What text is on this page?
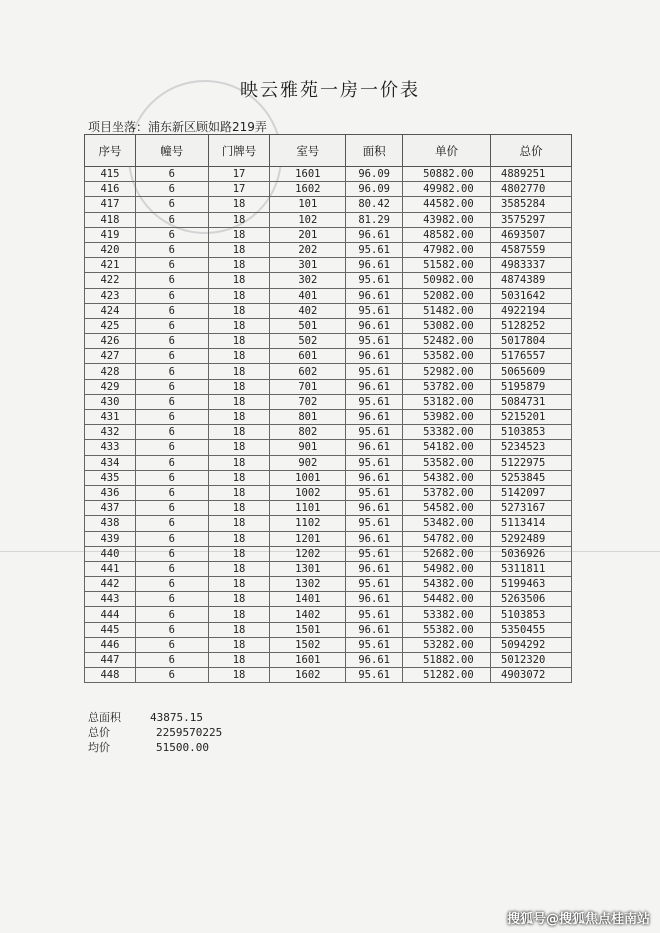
映云雅苑一房一价表
项目坐落：浦东新区顾如路219弄
序号	幢号	门牌号	室号	面积	单价	总价
415	6	17	1601	96.09	50882.00	4889251
416	6	17	1602	96.09	49982.00	4802770
417	6	18	101	80.42	44582.00	3585284
418	6	18	102	81.29	43982.00	3575297
419	6	18	201	96.61	48582.00	4693507
420	6	18	202	95.61	47982.00	4587559
421	6	18	301	96.61	51582.00	4983337
422	6	18	302	95.61	50982.00	4874389
423	6	18	401	96.61	52082.00	5031642
424	6	18	402	95.61	51482.00	4922194
425	6	18	501	96.61	53082.00	5128252
426	6	18	502	95.61	52482.00	5017804
427	6	18	601	96.61	53582.00	5176557
428	6	18	602	95.61	52982.00	5065609
429	6	18	701	96.61	53782.00	5195879
430	6	18	702	95.61	53182.00	5084731
431	6	18	801	96.61	53982.00	5215201
432	6	18	802	95.61	53382.00	5103853
433	6	18	901	96.61	54182.00	5234523
434	6	18	902	95.61	53582.00	5122975
435	6	18	1001	96.61	54382.00	5253845
436	6	18	1002	95.61	53782.00	5142097
437	6	18	1101	96.61	54582.00	5273167
438	6	18	1102	95.61	53482.00	5113414
439	6	18	1201	96.61	54782.00	5292489
440	6	18	1202	95.61	52682.00	5036926
441	6	18	1301	96.61	54982.00	5311811
442	6	18	1302	95.61	54382.00	5199463
443	6	18	1401	96.61	54482.00	5263506
444	6	18	1402	95.61	53382.00	5103853
445	6	18	1501	96.61	55382.00	5350455
446	6	18	1502	95.61	53282.00	5094292
447	6	18	1601	96.61	51882.00	5012320
448	6	18	1602	95.61	51282.00	4903072
总面积	43875.15
总价	2259570225
均价	51500.00
搜狐号@搜狐焦点桂南站
